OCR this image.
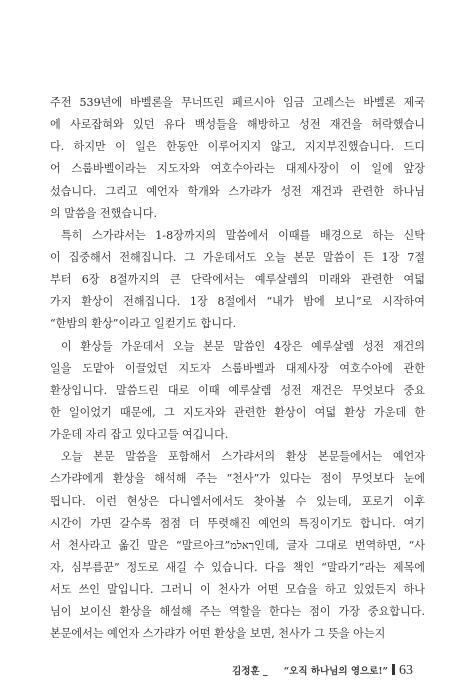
주전 539년에 바벨론을 무너뜨린 페르시아 임금 고레스는 바벨론 제국
에 사로잡혀와 있던 유다 백성들을 해방하고 성전 재건을 허락했습니
다. 하지만 이 일은 한동안 이루어지지 않고, 지지부진했습니다. 드디
어 스룹바벨이라는 지도자와 여호수아라는 대제사장이 이 일에 앞장
섰습니다. 그리고 예언자 학개와 스가랴가 성전 재건과 관련한 하나님
의 말씀을 전했습니다.
특히 스가랴서는 1-8장까지의 말씀에서 이때를 배경으로 하는 신탁
이 집중해서 전해집니다. 그 가운데서도 오늘 본문 말씀이 든 1장 7절
부터 6장 8절까지의 큰 단락에서는 예루살렘의 미래와 관련한 여덟
가지 환상이 전해집니다. 1장 8절에서 “내가 밤에 보니”로 시작하여
“한밤의 환상”이라고 일컫기도 합니다.
이 환상들 가운데서 오늘 본문 말씀인 4장은 예루살렘 성전 재건의
일을 도맡아 이끌었던 지도자 스룹바벨과 대제사장 여호수아에 관한
환상입니다. 말씀드린 대로 이때 예루살렘 성전 재건은 무엇보다 중요
한 일이었기 때문에, 그 지도자와 관련한 환상이 여덟 환상 가운데 한
가운데 자리 잡고 있다고들 여깁니다.
오늘 본문 말씀을 포함해서 스가랴서의 환상 본문들에서는 예언자
스가랴에게 환상을 해석해 주는 “천사”가 있다는 점이 무엇보다 눈에
띕니다. 이런 현상은 다니엘서에서도 찾아볼 수 있는데, 포로기 이후
시간이 가면 갈수록 점점 더 뚜렷해진 예언의 특징이기도 합니다. 여기
서 천사라고 옮긴 말은 “말르아크”ךאלמ인데, 글자 그대로 번역하면, “사
자, 심부름꾼” 정도로 새길 수 있습니다. 다음 책인 “말라기”라는 제목에
서도 쓰인 말입니다. 그러니 이 천사가 어떤 모습을 하고 있었든지 하나
님이 보이신 환상을 해설해 주는 역할을 한다는 점이 가장 중요합니다.
본문에서는 예언자 스가랴가 어떤 환상을 보면, 천사가 그 뜻을 아는지
김정훈 _ “오직 하나님의 영으로!” 63
